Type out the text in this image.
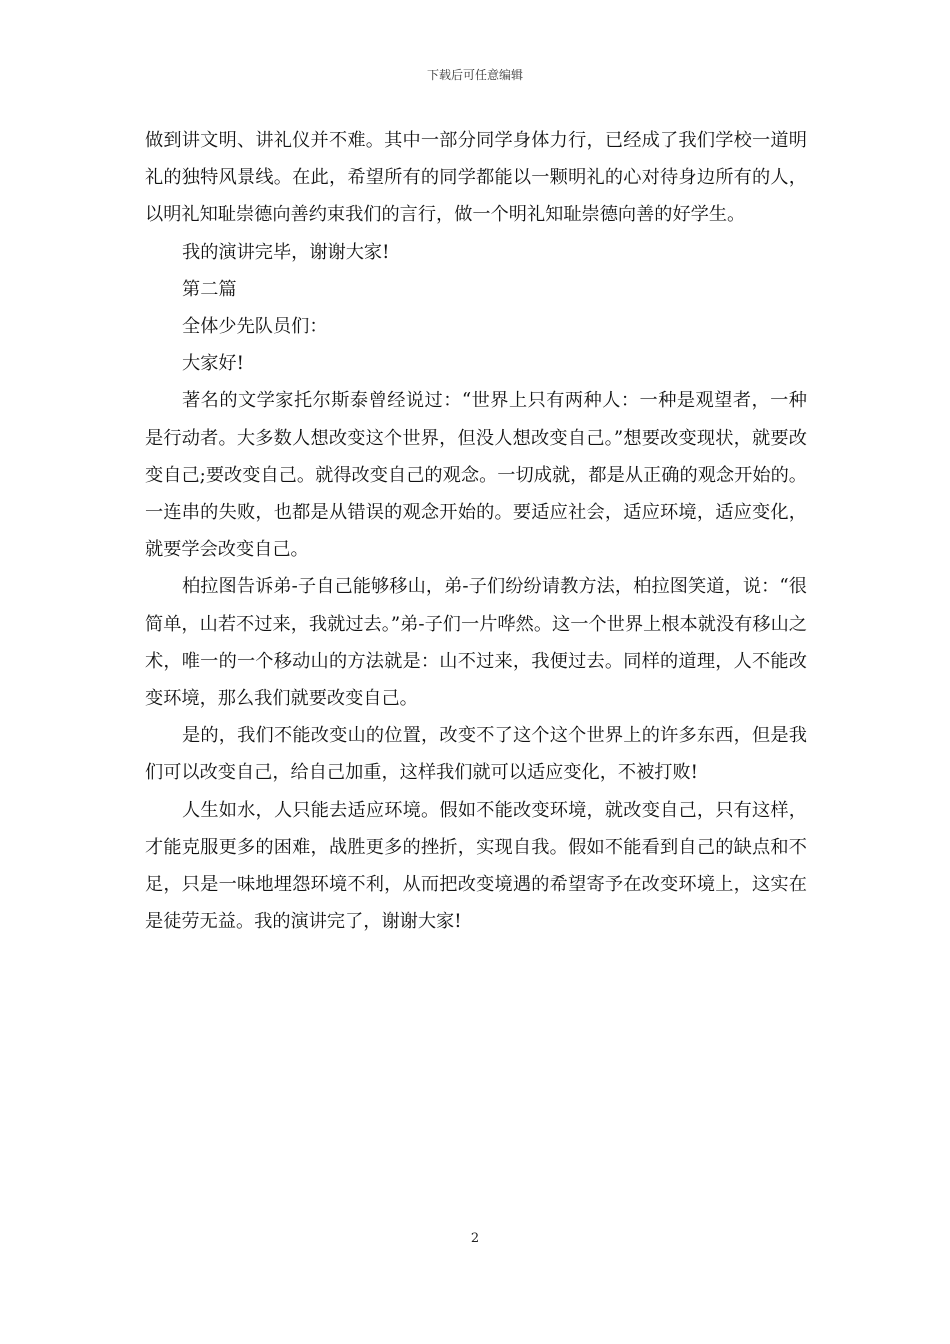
下载后可任意编辑

做到讲文明、讲礼仪并不难。其中一部分同学身体力行，已经成了我们学校一道明礼的独特风景线。在此，希望所有的同学都能以一颗明礼的心对待身边所有的人，以明礼知耻崇德向善约束我们的言行，做一个明礼知耻崇德向善的好学生。

我的演讲完毕，谢谢大家!

第二篇

全体少先队员们：

大家好!

著名的文学家托尔斯泰曾经说过：“世界上只有两种人：一种是观望者，一种是行动者。大多数人想改变这个世界，但没人想改变自己。”想要改变现状，就要改变自己;要改变自己。就得改变自己的观念。一切成就，都是从正确的观念开始的。一连串的失败，也都是从错误的观念开始的。要适应社会，适应环境，适应变化，就要学会改变自己。

柏拉图告诉弟-子自己能够移山，弟-子们纷纷请教方法，柏拉图笑道，说：“很简单，山若不过来，我就过去。”弟-子们一片哗然。这一个世界上根本就没有移山之术，唯一的一个移动山的方法就是：山不过来，我便过去。同样的道理，人不能改变环境，那么我们就要改变自己。

是的，我们不能改变山的位置，改变不了这个这个世界上的许多东西，但是我们可以改变自己，给自己加重，这样我们就可以适应变化，不被打败!

人生如水，人只能去适应环境。假如不能改变环境，就改变自己，只有这样，才能克服更多的困难，战胜更多的挫折，实现自我。假如不能看到自己的缺点和不足，只是一味地埋怨环境不利，从而把改变境遇的希望寄予在改变环境上，这实在是徒劳无益。我的演讲完了，谢谢大家!

2
